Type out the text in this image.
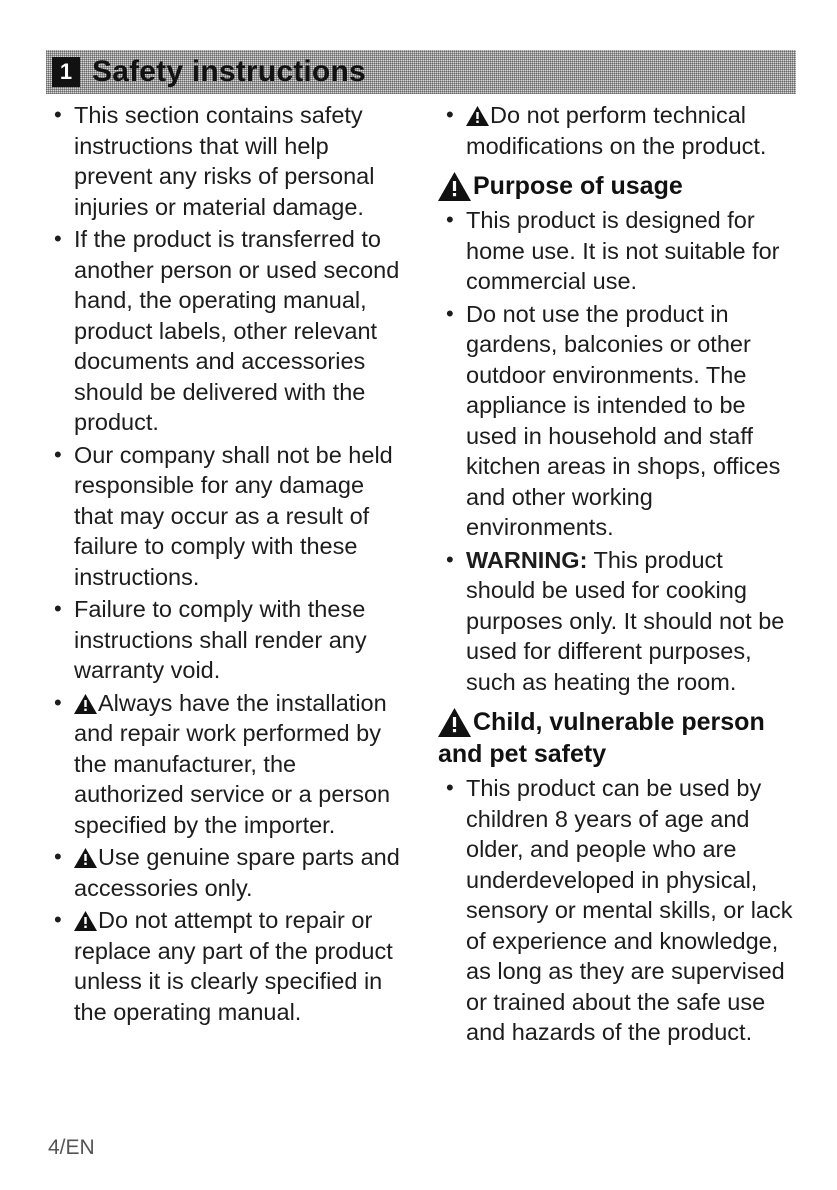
1 Safety instructions
• This section contains safety instructions that will help prevent any risks of personal injuries or material damage.
• If the product is transferred to another person or used second hand, the operating manual, product labels, other relevant documents and accessories should be delivered with the product.
• Our company shall not be held responsible for any damage that may occur as a result of failure to comply with these instructions.
• Failure to comply with these instructions shall render any warranty void.
• Always have the installation and repair work performed by the manufacturer, the authorized service or a person specified by the importer.
• Use genuine spare parts and accessories only.
• Do not attempt to repair or replace any part of the product unless it is clearly specified in the operating manual.
• Do not perform technical modifications on the product.
Purpose of usage
• This product is designed for home use. It is not suitable for commercial use.
• Do not use the product in gardens, balconies or other outdoor environments. The appliance is intended to be used in household and staff kitchen areas in shops, offices and other working environments.
• WARNING: This product should be used for cooking purposes only. It should not be used for different purposes, such as heating the room.
Child, vulnerable person and pet safety
• This product can be used by children 8 years of age and older, and people who are underdeveloped in physical, sensory or mental skills, or lack of experience and knowledge, as long as they are supervised or trained about the safe use and hazards of the product.
4/EN
